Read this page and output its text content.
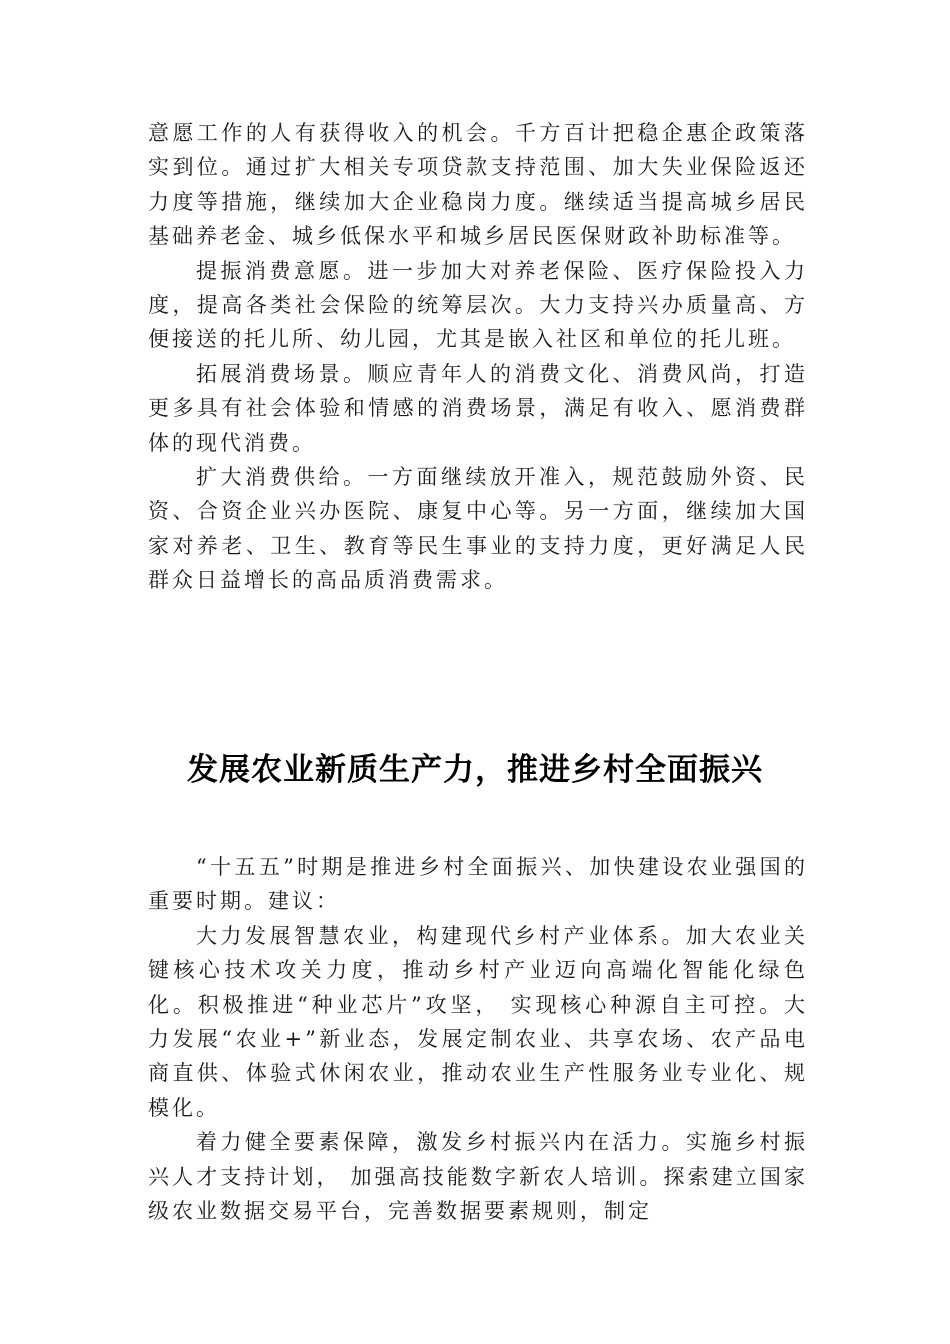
意愿工作的人有获得收入的机会。千方百计把稳企惠企政策落实到位。通过扩大相关专项贷款支持范围、加大失业保险返还力度等措施，继续加大企业稳岗力度。继续适当提高城乡居民基础养老金、城乡低保水平和城乡居民医保财政补助标准等。

提振消费意愿。进一步加大对养老保险、医疗保险投入力度，提高各类社会保险的统筹层次。大力支持兴办质量高、方便接送的托儿所、幼儿园，尤其是嵌入社区和单位的托儿班。

拓展消费场景。顺应青年人的消费文化、消费风尚，打造更多具有社会体验和情感的消费场景，满足有收入、愿消费群体的现代消费。

扩大消费供给。一方面继续放开准入，规范鼓励外资、民资、合资企业兴办医院、康复中心等。另一方面，继续加大国家对养老、卫生、教育等民生事业的支持力度，更好满足人民群众日益增长的高品质消费需求。

发展农业新质生产力，推进乡村全面振兴

“十五五”时期是推进乡村全面振兴、加快建设农业强国的重要时期。建议：

大力发展智慧农业，构建现代乡村产业体系。加大农业关键核心技术攻关力度，推动乡村产业迈向高端化智能化绿色化。积极推进“种业芯片”攻坚， 实现核心种源自主可控。大力发展“农业+”新业态，发展定制农业、共享农场、农产品电商直供、体验式休闲农业，推动农业生产性服务业专业化、规模化。

着力健全要素保障，激发乡村振兴内在活力。实施乡村振兴人才支持计划， 加强高技能数字新农人培训。探索建立国家级农业数据交易平台，完善数据要素规则，制定
